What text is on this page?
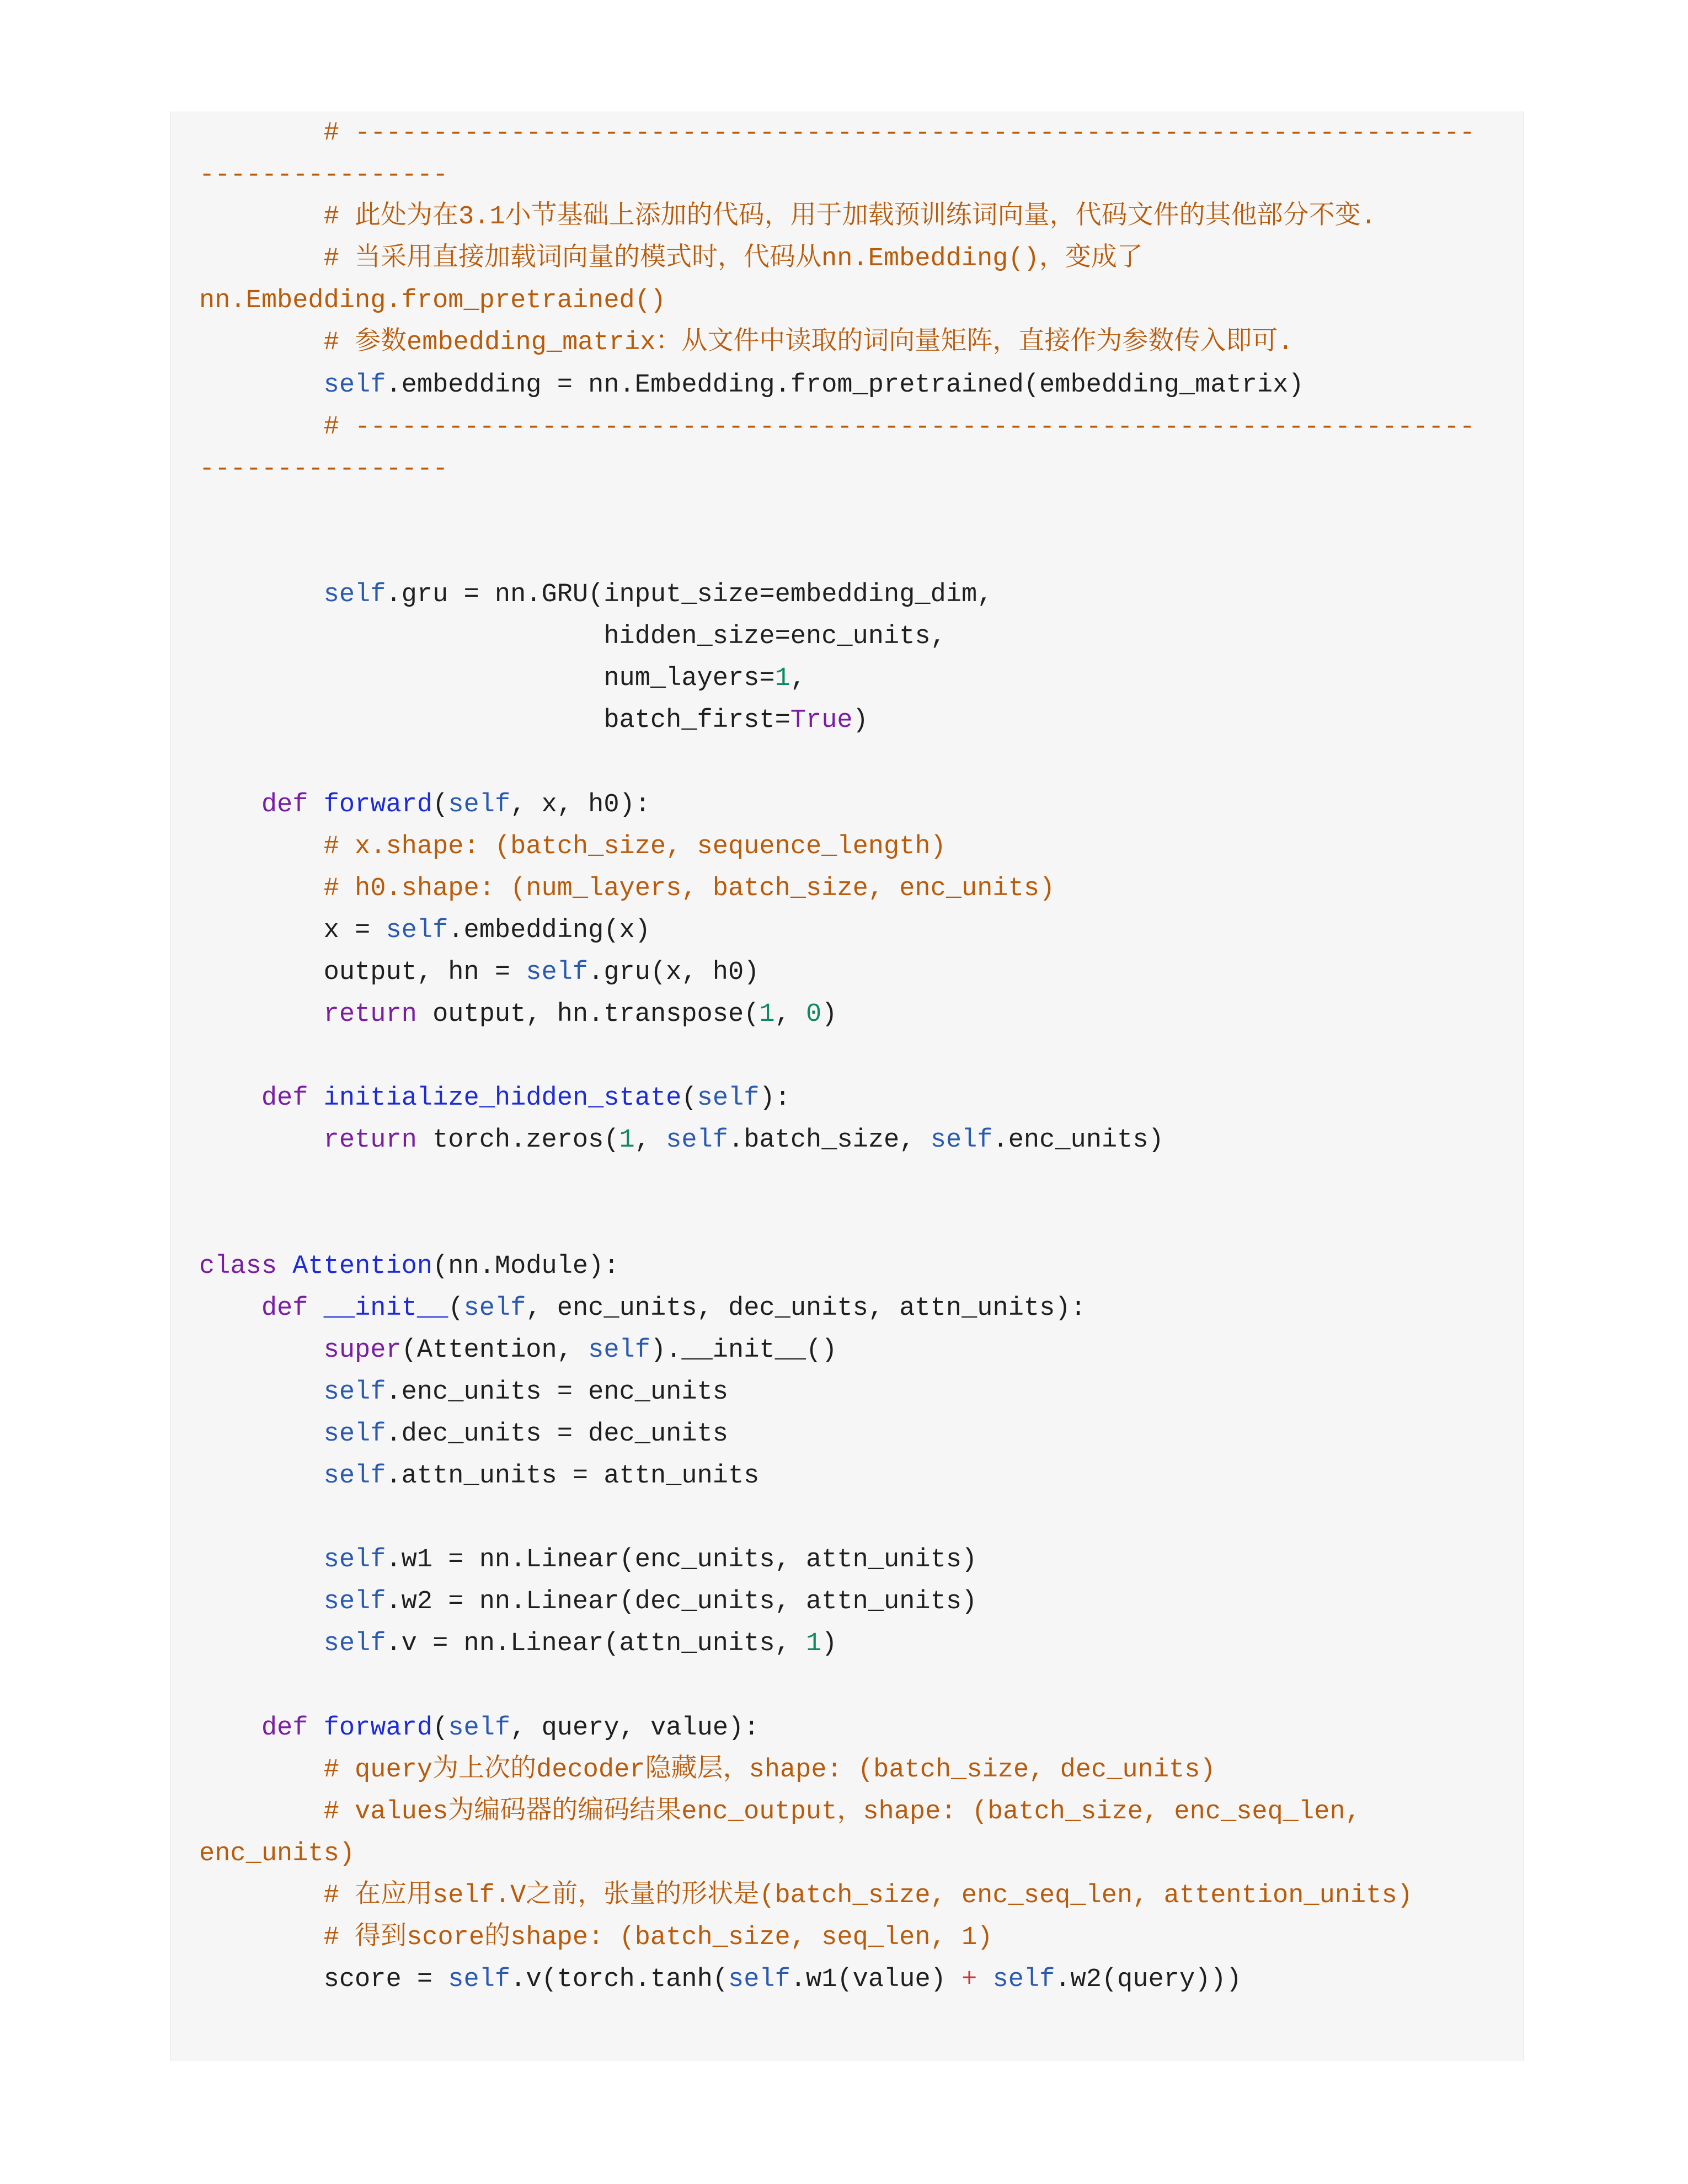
# ------------------------------------------------------------------------
----------------
# 此处为在3.1小节基础上添加的代码，用于加载预训练词向量，代码文件的其他部分不变.
# 当采用直接加载词向量的模式时，代码从nn.Embedding()，变成了
nn.Embedding.from_pretrained()
# 参数embedding_matrix：从文件中读取的词向量矩阵，直接作为参数传入即可.
self.embedding = nn.Embedding.from_pretrained(embedding_matrix)
# ------------------------------------------------------------------------
----------------

self.gru = nn.GRU(input_size=embedding_dim,
hidden_size=enc_units,
num_layers=1,
batch_first=True)

def forward(self, x, h0):
# x.shape: (batch_size, sequence_length)
# h0.shape: (num_layers, batch_size, enc_units)
x = self.embedding(x)
output, hn = self.gru(x, h0)
return output, hn.transpose(1, 0)

def initialize_hidden_state(self):
return torch.zeros(1, self.batch_size, self.enc_units)

class Attention(nn.Module):
def __init__(self, enc_units, dec_units, attn_units):
super(Attention, self).__init__()
self.enc_units = enc_units
self.dec_units = dec_units
self.attn_units = attn_units

self.w1 = nn.Linear(enc_units, attn_units)
self.w2 = nn.Linear(dec_units, attn_units)
self.v = nn.Linear(attn_units, 1)

def forward(self, query, value):
# query为上次的decoder隐藏层，shape: (batch_size, dec_units)
# values为编码器的编码结果enc_output，shape: (batch_size, enc_seq_len,
enc_units)
# 在应用self.V之前，张量的形状是(batch_size, enc_seq_len, attention_units)
# 得到score的shape: (batch_size, seq_len, 1)
score = self.v(torch.tanh(self.w1(value) + self.w2(query)))
